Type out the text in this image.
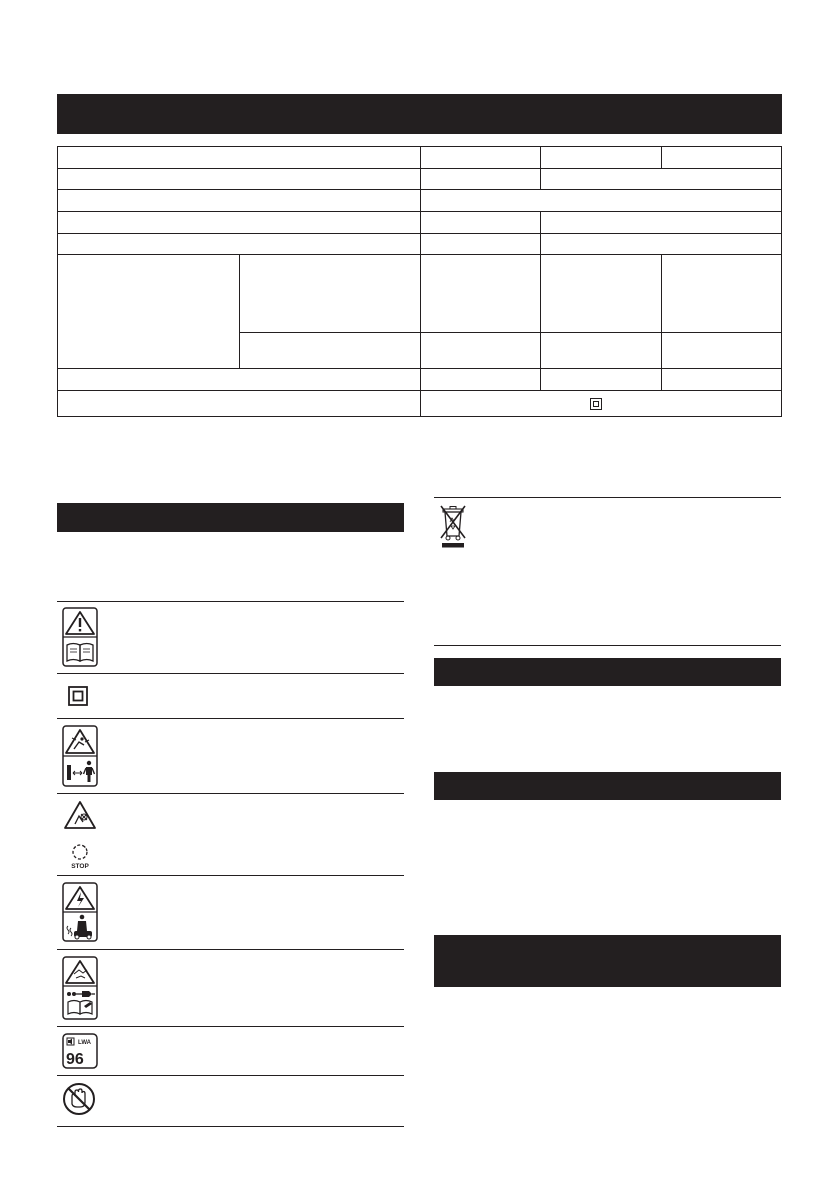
STOP
LWA
96
